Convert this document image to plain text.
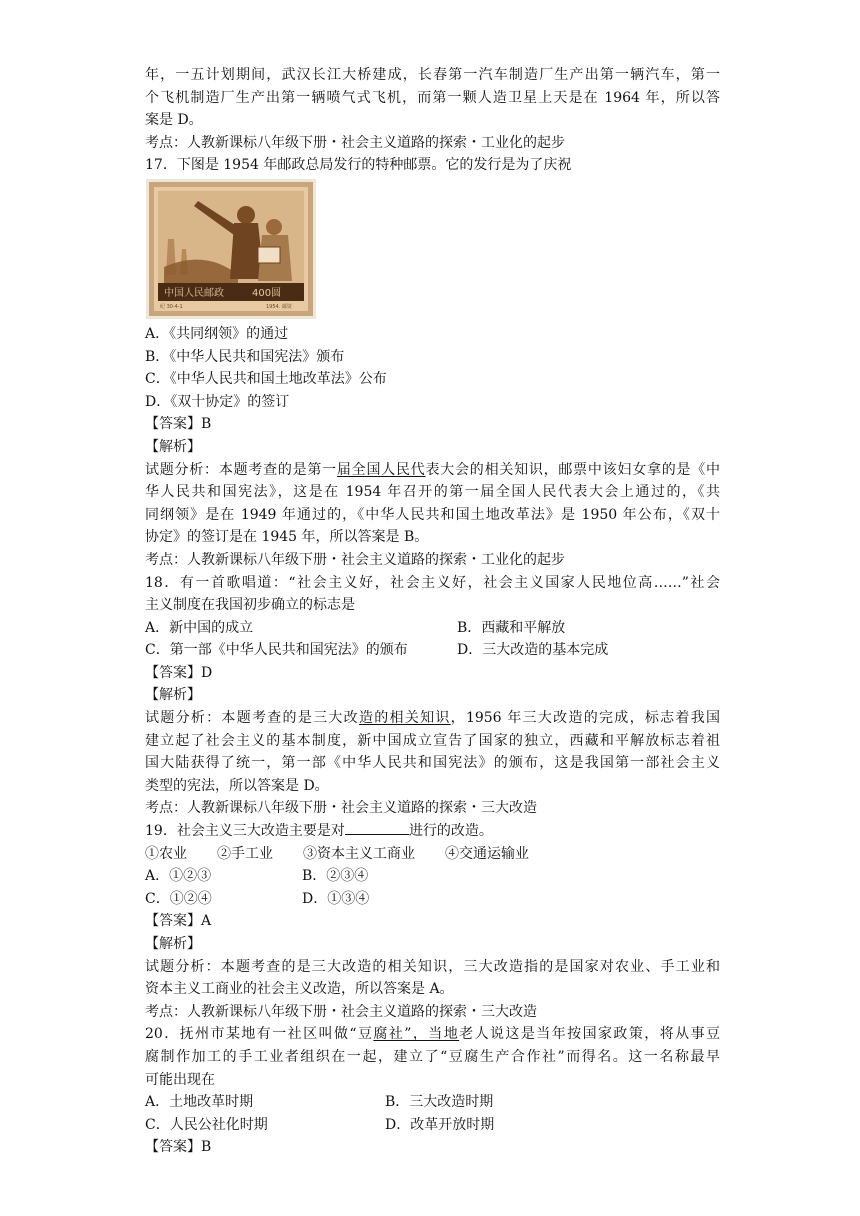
年，一五计划期间，武汉长江大桥建成，长春第一汽车制造厂生产出第一辆汽车，第一
个飞机制造厂生产出第一辆喷气式飞机，而第一颗人造卫星上天是在 1964 年，所以答
案是 D。
考点：人教新课标八年级下册・社会主义道路的探索・工业化的起步
17．下图是 1954 年邮政总局发行的特种邮票。它的发行是为了庆祝
中国人民邮政	400圆
纪 30·4-1	1954. 邮资
A．《共同纲领》的通过
B．《中华人民共和国宪法》颁布
C．《中华人民共和国土地改革法》公布
D．《双十协定》的签订
【答案】B
【解析】
试题分析：本题考查的是第一届全国人民代表大会的相关知识，邮票中该妇女拿的是《中
华人民共和国宪法》，这是在 1954 年召开的第一届全国人民代表大会上通过的，《共
同纲领》是在 1949 年通过的，《中华人民共和国土地改革法》是 1950 年公布，《双十
协定》的签订是在 1945 年，所以答案是 B。
考点：人教新课标八年级下册・社会主义道路的探索・工业化的起步
18．有一首歌唱道：“社会主义好，社会主义好，社会主义国家人民地位高……”社会
主义制度在我国初步确立的标志是
A．新中国的成立	B．西藏和平解放
C．第一部《中华人民共和国宪法》的颁布	D．三大改造的基本完成
【答案】D
【解析】
试题分析：本题考查的是三大改造的相关知识，1956 年三大改造的完成，标志着我国
建立起了社会主义的基本制度，新中国成立宣告了国家的独立，西藏和平解放标志着祖
国大陆获得了统一，第一部《中华人民共和国宪法》的颁布，这是我国第一部社会主义
类型的宪法，所以答案是 D。
考点：人教新课标八年级下册・社会主义道路的探索・三大改造
19．社会主义三大改造主要是对	进行的改造。
①农业 ②手工业 ③资本主义工商业 ④交通运输业
A．①②③	B．②③④
C．①②④	D．①③④
【答案】A
【解析】
试题分析：本题考查的是三大改造的相关知识，三大改造指的是国家对农业、手工业和
资本主义工商业的社会主义改造，所以答案是 A。
考点：人教新课标八年级下册・社会主义道路的探索・三大改造
20．抚州市某地有一社区叫做“豆腐社”，当地老人说这是当年按国家政策，将从事豆
腐制作加工的手工业者组织在一起，建立了“豆腐生产合作社”而得名。这一名称最早
可能出现在
A．土地改革时期	B．三大改造时期
C．人民公社化时期	D．改革开放时期
【答案】B
